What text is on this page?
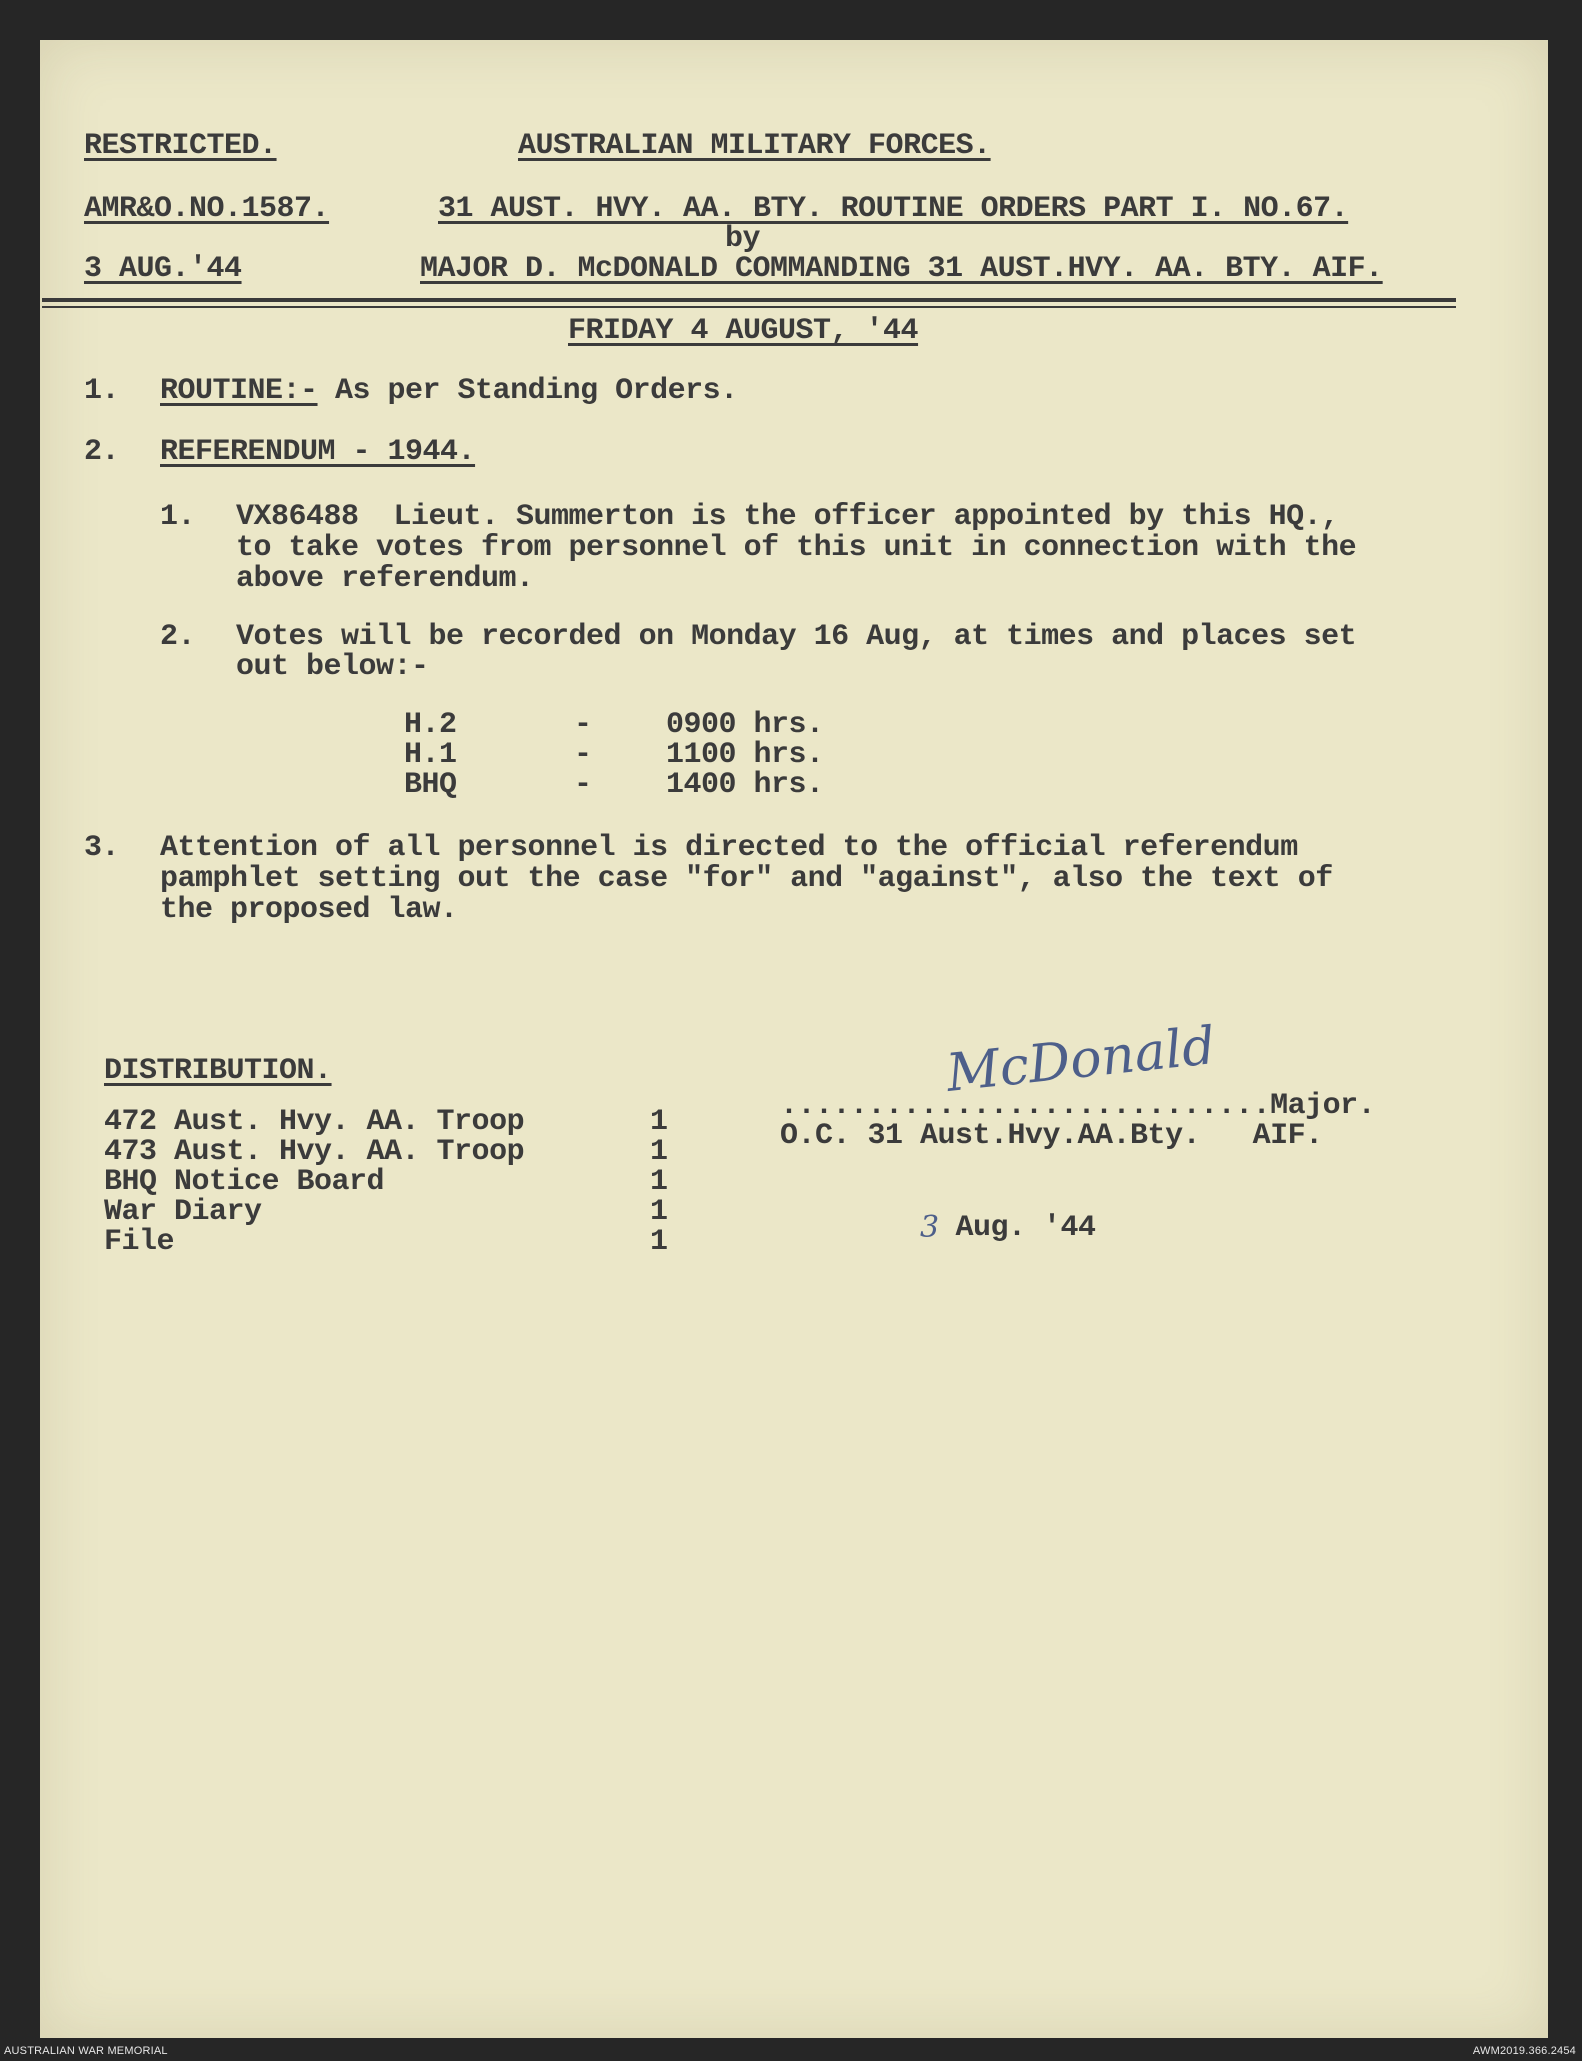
RESTRICTED.	AUSTRALIAN MILITARY FORCES.
AMR&O.NO.1587.	31 AUST. HVY. AA. BTY. ROUTINE ORDERS PART I. NO.67.
by
3 AUG.'44	MAJOR D. McDONALD COMMANDING 31 AUST.HVY. AA. BTY. AIF.
FRIDAY 4 AUGUST, '44
1. ROUTINE:- As per Standing Orders.
2. REFERENDUM - 1944.
1. VX86488  Lieut. Summerton is the officer appointed by this HQ.,
to take votes from personnel of this unit in connection with the
above referendum.
2. Votes will be recorded on Monday 16 Aug, at times and places set
out below:-
H.2	- 0900 hrs.
H.1	- 1100 hrs.
BHQ	- 1400 hrs.
3. Attention of all personnel is directed to the official referendum
pamphlet setting out the case "for" and "against", also the text of
the proposed law.
DISTRIBUTION.
472 Aust. Hvy. AA. Troop	1
473 Aust. Hvy. AA. Troop	1
BHQ Notice Board	1
War Diary	1
File	1
McDonald
............................Major.
O.C. 31 Aust.Hvy.AA.Bty.   AIF.
3
Aug. '44
AUSTRALIAN WAR MEMORIAL	AWM2019.366.2454
